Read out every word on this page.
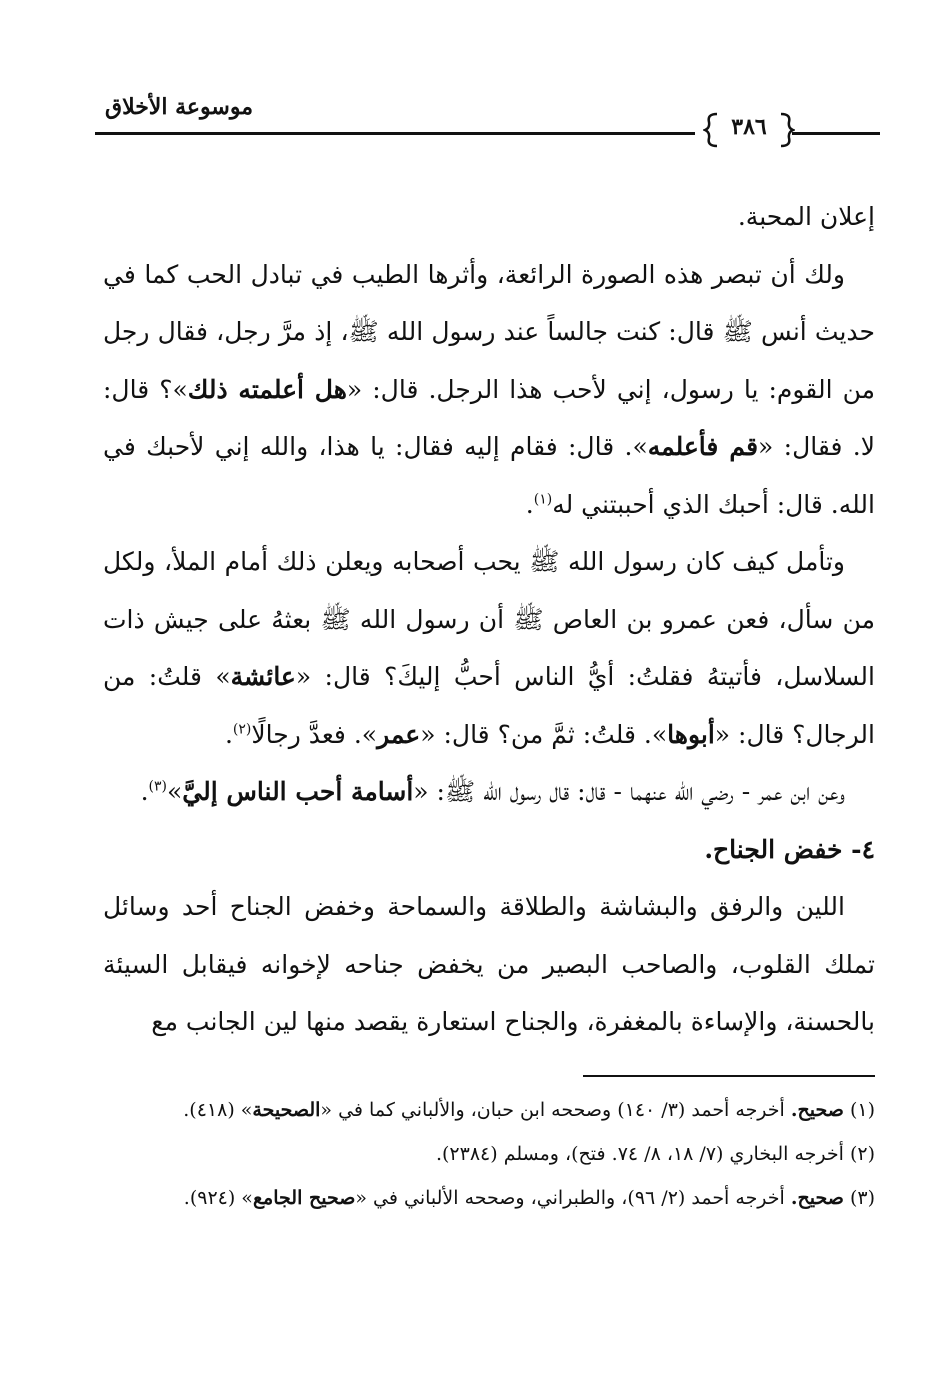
موسوعة الأخلاق
٣٨٦

إعلان المحبة.

ولك أن تبصر هذه الصورة الرائعة، وأثرها الطيب في تبادل الحب كما في حديث أنس ﷺ قال: كنت جالساً عند رسول الله ﷺ، إذ مرَّ رجل، فقال رجل من القوم: يا رسول، إني لأحب هذا الرجل. قال: «هل أعلمته ذلك»؟ قال: لا. فقال: «قم فأعلمه». قال: فقام إليه فقال: يا هذا، والله إني لأحبك في الله. قال: أحبك الذي أحببتني له$^{(١)}$.

وتأمل كيف كان رسول الله ﷺ يحب أصحابه ويعلن ذلك أمام الملأ، ولكل من سأل، فعن عمرو بن العاص ﷺ أن رسول الله ﷺ بعثهُ على جيش ذات السلاسل، فأتيتهُ فقلتُ: أيُّ الناس أحبُّ إليكَ؟ قال: «عائشة» قلتُ: من الرجال؟ قال: «أبوها». قلتُ: ثمَّ من؟ قال: «عمر». فعدَّ رجالًا$^{(٢)}$.

وعن ابن عمر - رضي الله عنهما - قال: قال رسول الله ﷺ: «أسامة أحب الناس إليَّ»$^{(٣)}$.

٤- خفض الجناح.

اللين والرفق والبشاشة والطلاقة والسماحة وخفض الجناح أحد وسائل تملك القلوب، والصاحب البصير من يخفض جناحه لإخوانه فيقابل السيئة بالحسنة، والإساءة بالمغفرة، والجناح استعارة يقصد منها لين الجانب مع

(١) صحيح. أخرجه أحمد (٣/ ١٤٠) وصححه ابن حبان، والألباني كما في «الصحيحة» (٤١٨).

(٢) أخرجه البخاري (٧/ ١٨، ٨/ ٧٤. فتح)، ومسلم (٢٣٨٤).

(٣) صحيح. أخرجه أحمد (٢/ ٩٦)، والطبراني، وصححه الألباني في «صحيح الجامع» (٩٢٤).
